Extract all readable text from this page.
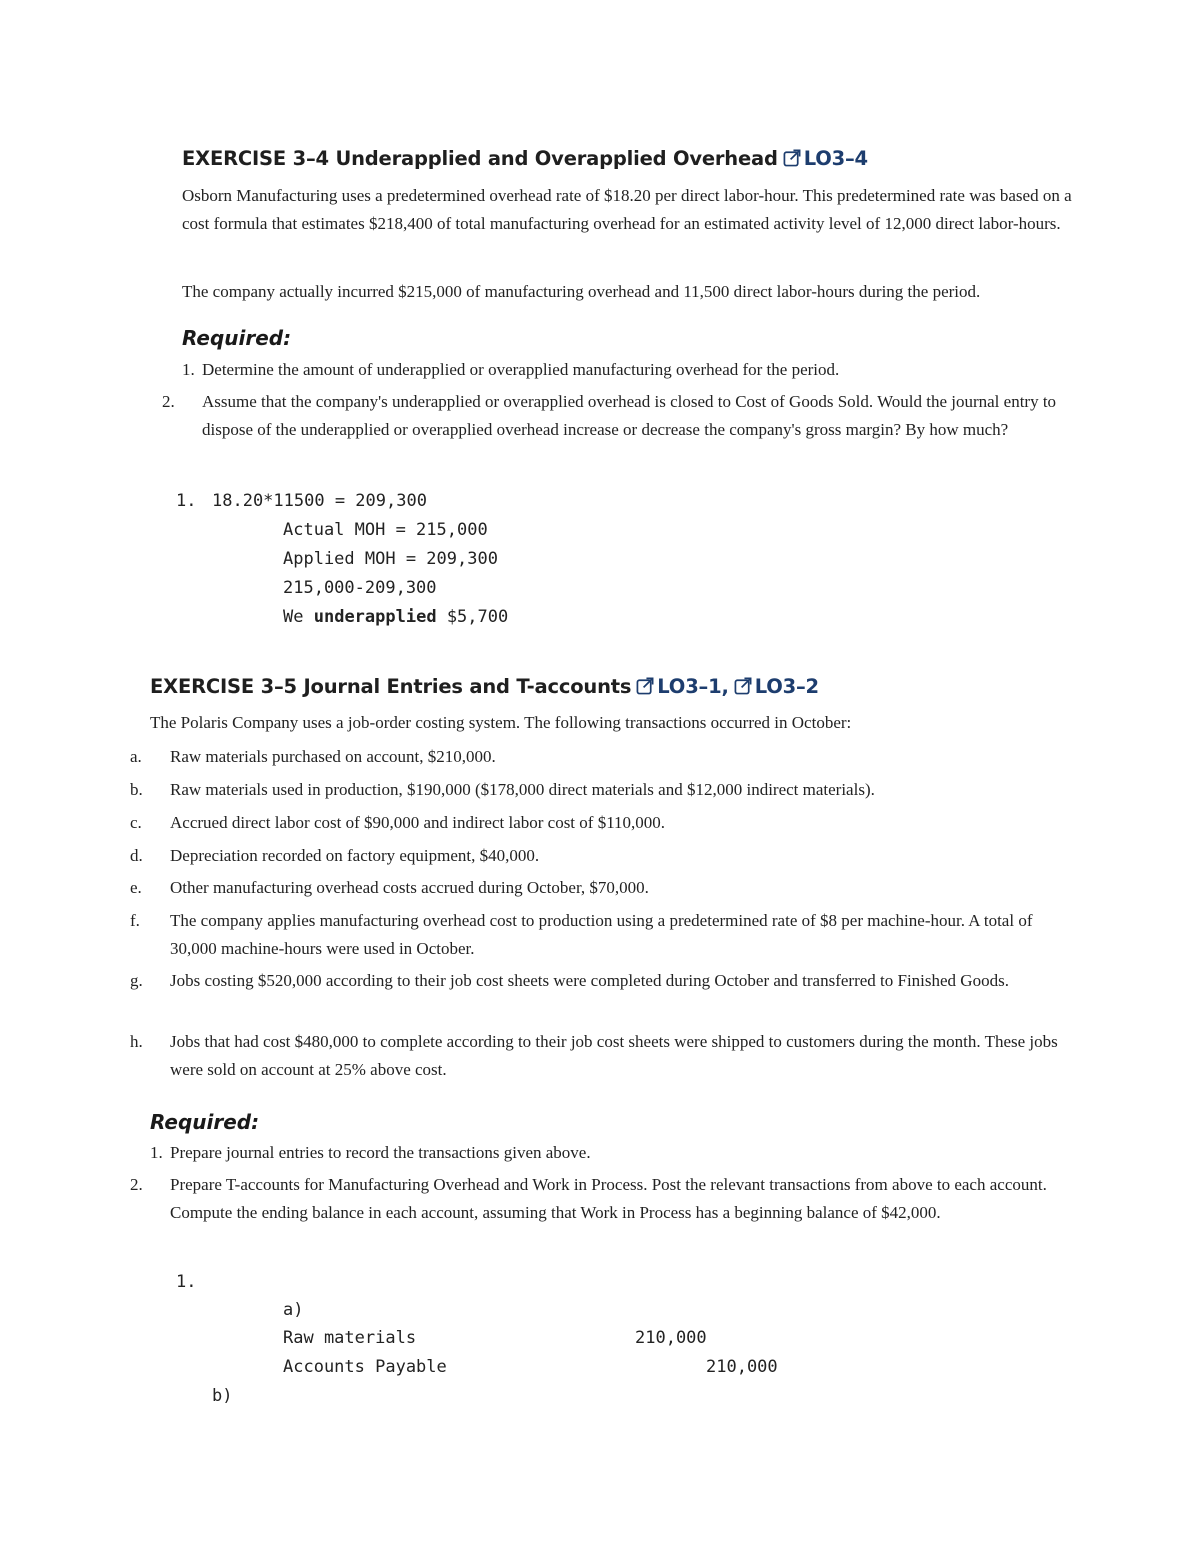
EXERCISE 3–4 Underapplied and Overapplied Overhead LO3–4
Osborn Manufacturing uses a predetermined overhead rate of $18.20 per direct labor-hour. This predetermined rate was based on a cost formula that estimates $218,400 of total manufacturing overhead for an estimated activity level of 12,000 direct labor-hours.
The company actually incurred $215,000 of manufacturing overhead and 11,500 direct labor-hours during the period.
Required:
1. Determine the amount of underapplied or overapplied manufacturing overhead for the period.
2. Assume that the company's underapplied or overapplied overhead is closed to Cost of Goods Sold. Would the journal entry to dispose of the underapplied or overapplied overhead increase or decrease the company's gross margin? By how much?
1. 18.20*11500 = 209,300
Actual MOH = 215,000
Applied MOH = 209,300
215,000-209,300
We underapplied $5,700
EXERCISE 3–5 Journal Entries and T-accounts LO3–1, LO3–2
The Polaris Company uses a job-order costing system. The following transactions occurred in October:
a. Raw materials purchased on account, $210,000.
b. Raw materials used in production, $190,000 ($178,000 direct materials and $12,000 indirect materials).
c. Accrued direct labor cost of $90,000 and indirect labor cost of $110,000.
d. Depreciation recorded on factory equipment, $40,000.
e. Other manufacturing overhead costs accrued during October, $70,000.
f. The company applies manufacturing overhead cost to production using a predetermined rate of $8 per machine-hour. A total of 30,000 machine-hours were used in October.
g. Jobs costing $520,000 according to their job cost sheets were completed during October and transferred to Finished Goods.
h. Jobs that had cost $480,000 to complete according to their job cost sheets were shipped to customers during the month. These jobs were sold on account at 25% above cost.
Required:
1. Prepare journal entries to record the transactions given above.
2. Prepare T-accounts for Manufacturing Overhead and Work in Process. Post the relevant transactions from above to each account. Compute the ending balance in each account, assuming that Work in Process has a beginning balance of $42,000.
1.
a)
Raw materials	210,000
Accounts Payable	210,000
b)
